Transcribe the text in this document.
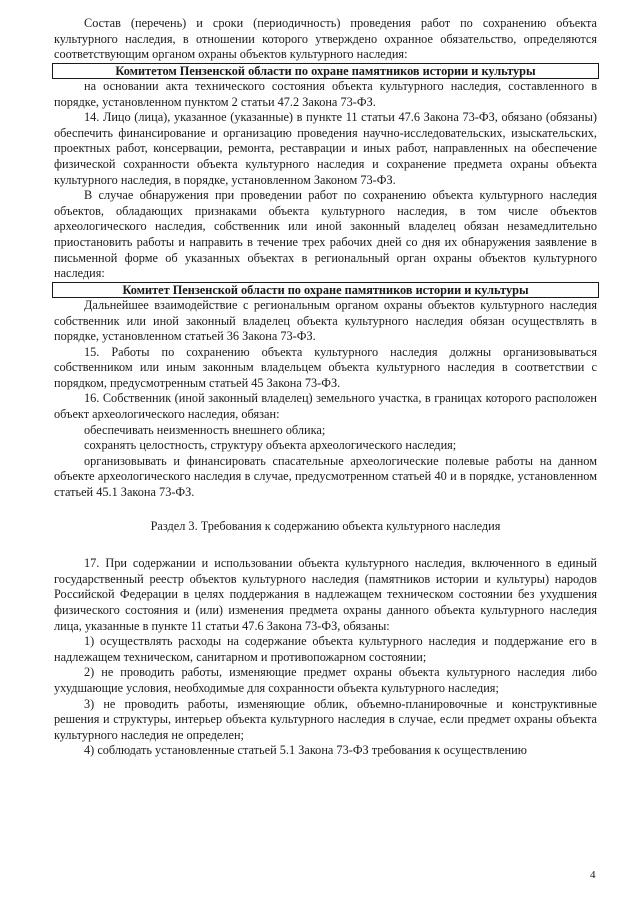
Состав (перечень) и сроки (периодичность) проведения работ по сохранению объекта культурного наследия, в отношении которого утверждено охранное обязательство, определяются соответствующим органом охраны объектов культурного наследия:

Комитетом Пензенской области по охране памятников истории и культуры

на основании акта технического состояния объекта культурного наследия, составленного в порядке, установленном пунктом 2 статьи 47.2 Закона 73-ФЗ.

14. Лицо (лица), указанное (указанные) в пункте 11 статьи 47.6 Закона 73-ФЗ, обязано (обязаны) обеспечить финансирование и организацию проведения научно-исследовательских, изыскательских, проектных работ, консервации, ремонта, реставрации и иных работ, направленных на обеспечение физической сохранности объекта культурного наследия и сохранение предмета охраны объекта культурного наследия, в порядке, установленном Законом 73-ФЗ.

В случае обнаружения при проведении работ по сохранению объекта культурного наследия объектов, обладающих признаками объекта культурного наследия, в том числе объектов археологического наследия, собственник или иной законный владелец обязан незамедлительно приостановить работы и направить в течение трех рабочих дней со дня их обнаружения заявление в письменной форме об указанных объектах в региональный орган охраны объектов культурного наследия:

Комитет Пензенской области по охране памятников истории и культуры

Дальнейшее взаимодействие с региональным органом охраны объектов культурного наследия собственник или иной законный владелец объекта культурного наследия обязан осуществлять в порядке, установленном статьей 36 Закона 73-ФЗ.

15. Работы по сохранению объекта культурного наследия должны организовываться собственником или иным законным владельцем объекта культурного наследия в соответствии с порядком, предусмотренным статьей 45 Закона 73-ФЗ.

16. Собственник (иной законный владелец) земельного участка, в границах которого расположен объект археологического наследия, обязан:

обеспечивать неизменность внешнего облика;

сохранять целостность, структуру объекта археологического наследия;

организовывать и финансировать спасательные археологические полевые работы на данном объекте археологического наследия в случае, предусмотренном статьей 40 и в порядке, установленном статьей 45.1 Закона 73-ФЗ.

Раздел 3. Требования к содержанию объекта культурного наследия

17. При содержании и использовании объекта культурного наследия, включенного в единый государственный реестр объектов культурного наследия (памятников истории и культуры) народов Российской Федерации в целях поддержания в надлежащем техническом состоянии без ухудшения физического состояния и (или) изменения предмета охраны данного объекта культурного наследия лица, указанные в пункте 11 статьи 47.6 Закона 73-ФЗ, обязаны:

1) осуществлять расходы на содержание объекта культурного наследия и поддержание его в надлежащем техническом, санитарном и противопожарном состоянии;

2) не проводить работы, изменяющие предмет охраны объекта культурного наследия либо ухудшающие условия, необходимые для сохранности объекта культурного наследия;

3) не проводить работы, изменяющие облик, объемно-планировочные и конструктивные решения и структуры, интерьер объекта культурного наследия в случае, если предмет охраны объекта культурного наследия не определен;

4) соблюдать установленные статьей 5.1 Закона 73-ФЗ требования к осуществлению

4
